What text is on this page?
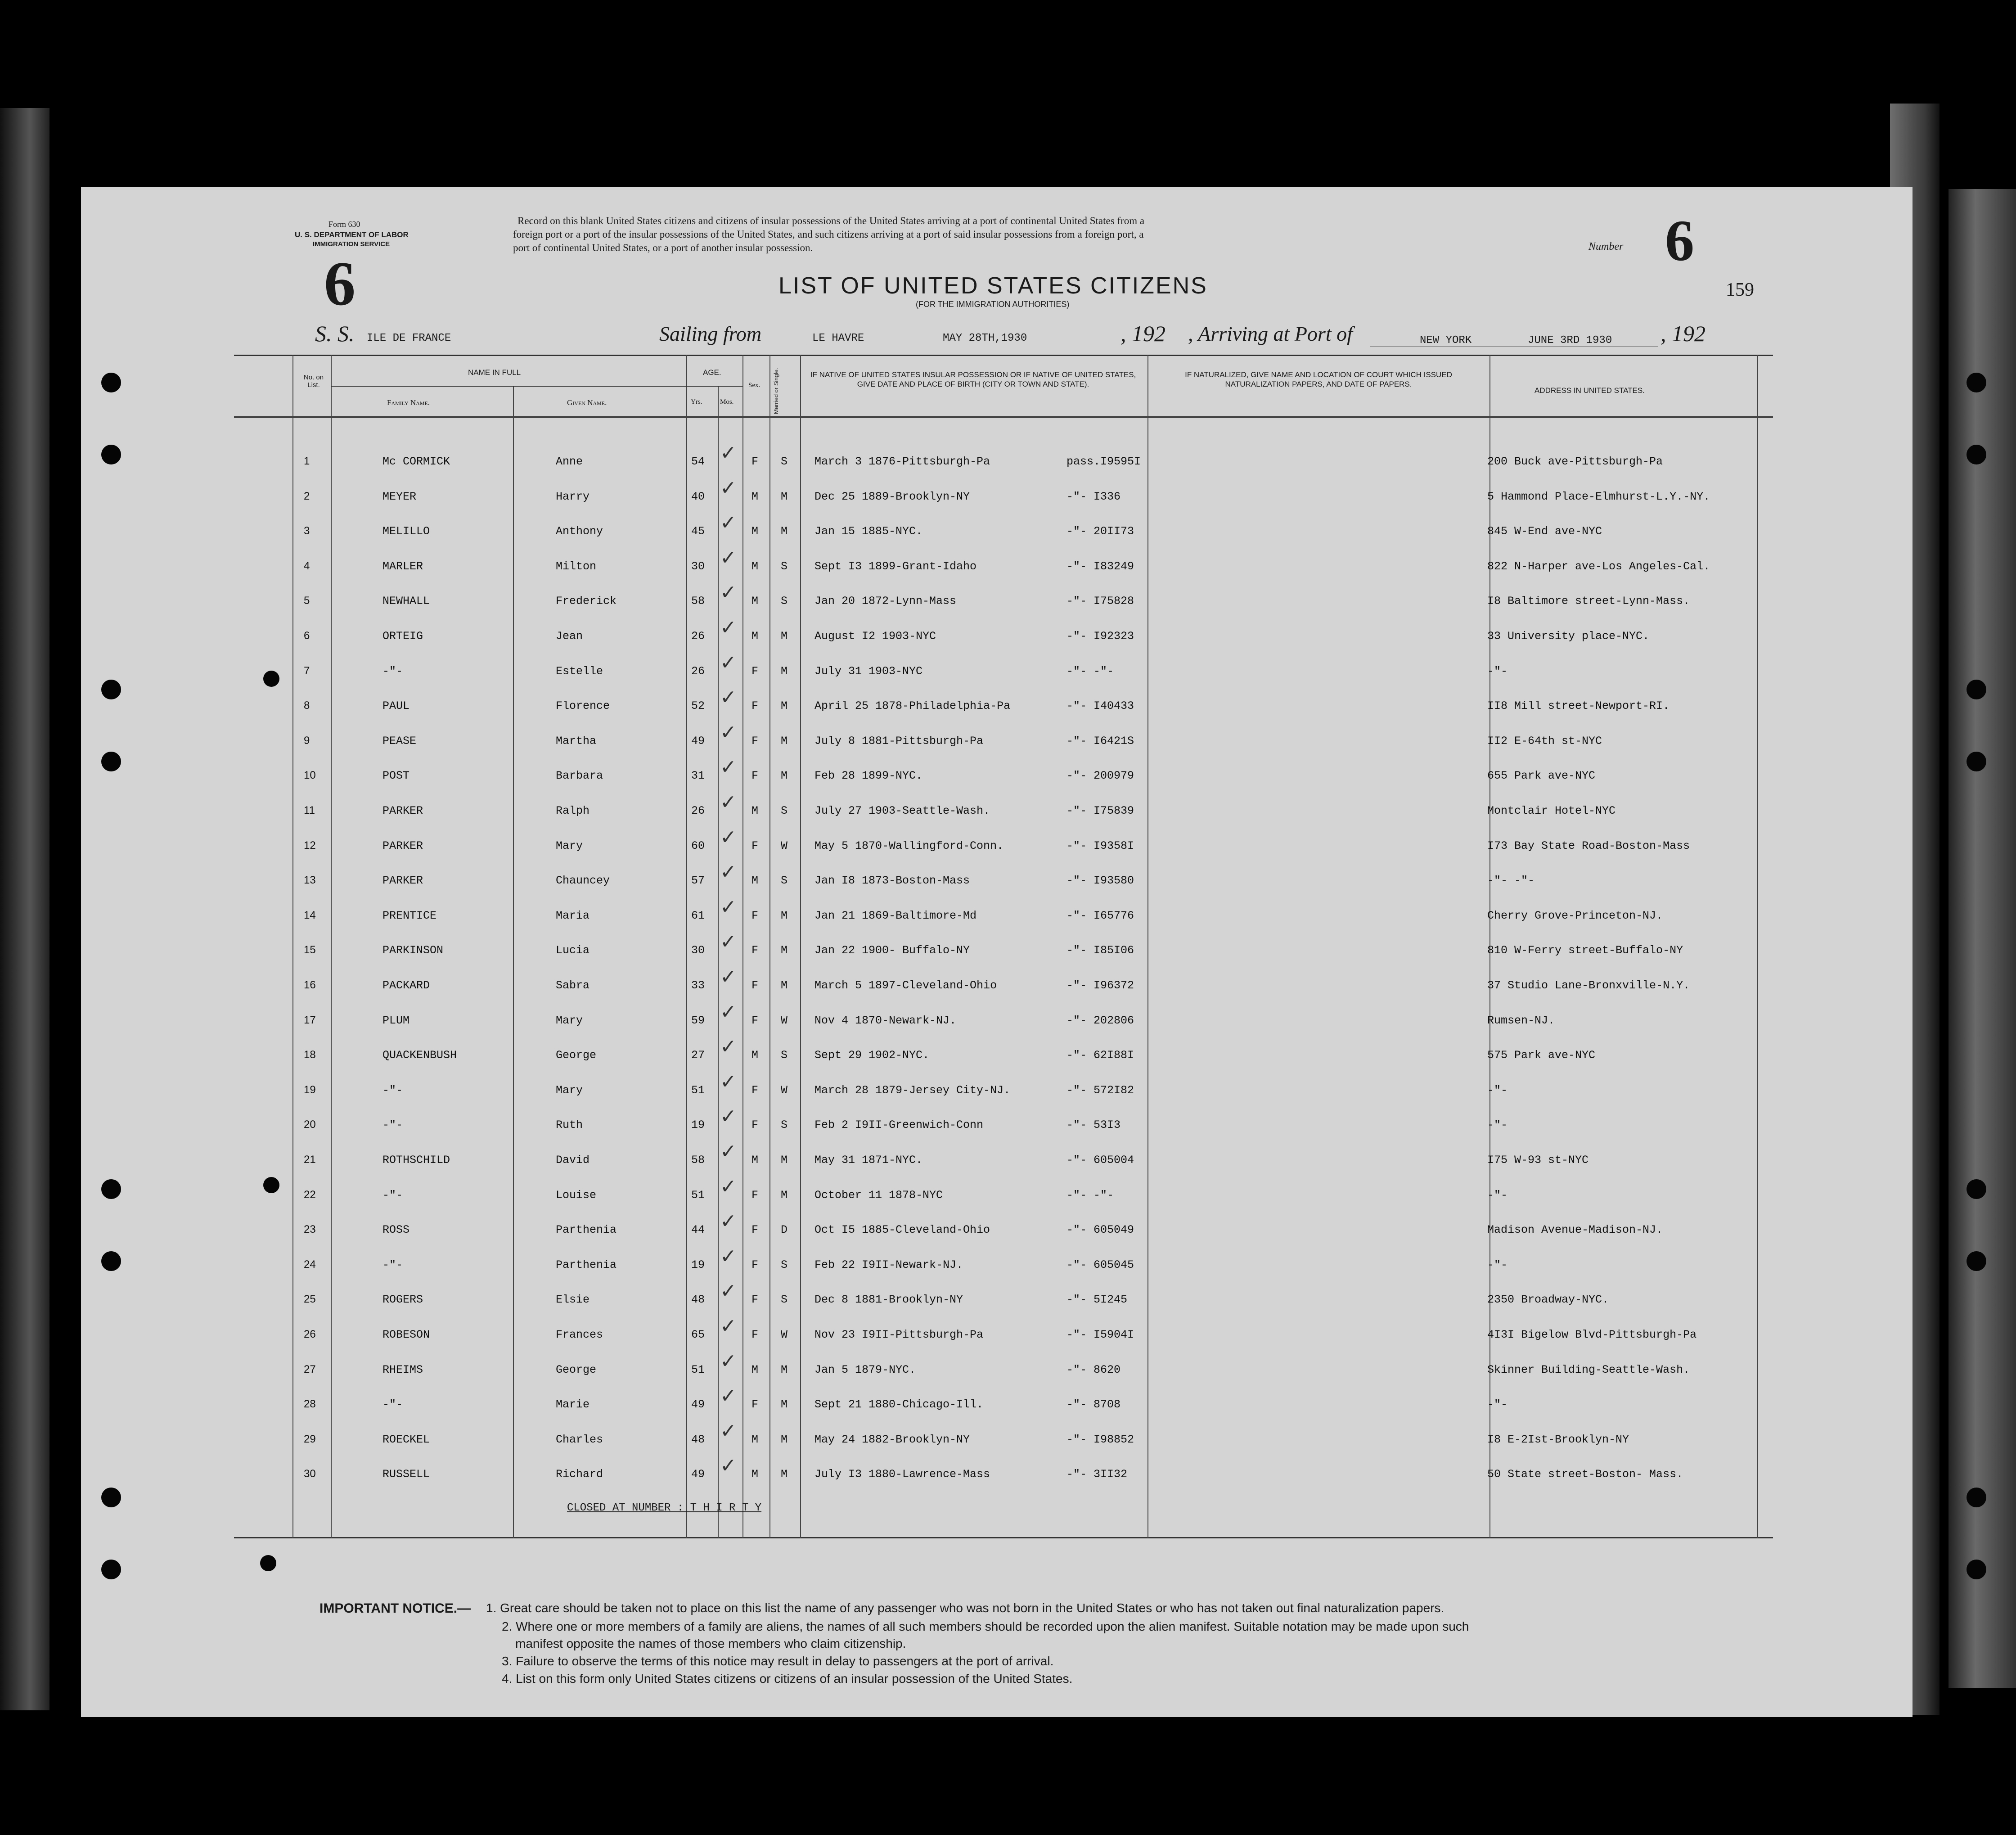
Form 630
U. S. DEPARTMENT OF LABOR
IMMIGRATION SERVICE
Record on this blank United States citizens and citizens of insular possessions of the United States arriving at a port of continental United States from a
foreign port or a port of the insular possessions of the United States, and such citizens arriving at a port of said insular possessions from a foreign port, a
port of continental United States, or a port of another insular possession.	Number 6
159
6	LIST OF UNITED STATES CITIZENS
(FOR THE IMMIGRATION AUTHORITIES)
S. S. ILE DE FRANCE	Sailing from	LE HAVRE	MAY 28TH,1930	, 192 , Arriving at Port of	NEW YORK	JUNE 3RD 1930 , 192
No. on List.
NAME IN FULL
Family Name.	Given Name.
AGE.
Yrs.	Mos.
Sex. Married or Single.	IF NATIVE OF UNITED STATES INSULAR POSSESSION OR IF NATIVE OF UNITED STATES, GIVE DATE AND PLACE OF BIRTH (CITY OR TOWN AND STATE).
IF NATURALIZED, GIVE NAME AND LOCATION OF COURT WHICH ISSUED NATURALIZATION PAPERS, AND DATE OF PAPERS.
ADDRESS IN UNITED STATES.
1	Mc CORMICK	Anne	54	F S March 3 1876-Pittsburgh-Pa	pass.I9595I	200 Buck ave-Pittsburgh-Pa
✓
2	MEYER	Harry	40	M M Dec 25 1889-Brooklyn-NY	-"- I336	5 Hammond Place-Elmhurst-L.Y.-NY.
✓
3	MELILLO	Anthony	45	M M Jan 15 1885-NYC.	-"- 20II73	845 W-End ave-NYC
✓
4	MARLER	Milton	30	M S Sept I3 1899-Grant-Idaho	-"- I83249	822 N-Harper ave-Los Angeles-Cal.
✓
5	NEWHALL	Frederick	58	M S Jan 20 1872-Lynn-Mass	-"- I75828	I8 Baltimore street-Lynn-Mass.
✓
6	ORTEIG	Jean	26	M M August I2 1903-NYC	-"- I92323	33 University place-NYC.
✓
7	-"-	Estelle	26	F M July 31 1903-NYC	-"- -"-	-"-
✓
8	PAUL	Florence	52	F M April 25 1878-Philadelphia-Pa	-"- I40433	II8 Mill street-Newport-RI.
✓
9	PEASE	Martha	49	F M July 8 1881-Pittsburgh-Pa	-"- I6421S	II2 E-64th st-NYC
✓
10	POST	Barbara	31	F M Feb 28 1899-NYC.	-"- 200979	655 Park ave-NYC
✓
11	PARKER	Ralph	26	M S July 27 1903-Seattle-Wash.	-"- I75839	Montclair Hotel-NYC
✓
12	PARKER	Mary	60	F W May 5 1870-Wallingford-Conn.	-"- I9358I	I73 Bay State Road-Boston-Mass
✓
13	PARKER	Chauncey	57	M S Jan I8 1873-Boston-Mass	-"- I93580	-"- -"-
✓
14	PRENTICE	Maria	61	F M Jan 21 1869-Baltimore-Md	-"- I65776	Cherry Grove-Princeton-NJ.
✓
15	PARKINSON	Lucia	30	F M Jan 22 1900- Buffalo-NY	-"- I85I06	810 W-Ferry street-Buffalo-NY
✓
16	PACKARD	Sabra	33	F M March 5 1897-Cleveland-Ohio	-"- I96372	37 Studio Lane-Bronxville-N.Y.
✓
17	PLUM	Mary	59	F W Nov 4 1870-Newark-NJ.	-"- 202806	Rumsen-NJ.
✓
18	QUACKENBUSH	George	27	M S Sept 29 1902-NYC.	-"- 62I88I	575 Park ave-NYC
✓
19	-"-	Mary	51	F W March 28 1879-Jersey City-NJ.	-"- 572I82	-"-
✓
20	-"-	Ruth	19	F S Feb 2 I9II-Greenwich-Conn	-"- 53I3	-"-
✓
21	ROTHSCHILD	David	58	M M May 31 1871-NYC.	-"- 605004	I75 W-93 st-NYC
✓
22	-"-	Louise	51	F M October 11 1878-NYC	-"- -"-	-"-
✓
23	ROSS	Parthenia	44	F D Oct I5 1885-Cleveland-Ohio	-"- 605049	Madison Avenue-Madison-NJ.
✓
24	-"-	Parthenia	19	F S Feb 22 I9II-Newark-NJ.	-"- 605045	-"-
✓
25	ROGERS	Elsie	48	F S Dec 8 1881-Brooklyn-NY	-"- 5I245	2350 Broadway-NYC.
✓
26	ROBESON	Frances	65	F W Nov 23 I9II-Pittsburgh-Pa	-"- I5904I	4I3I Bigelow Blvd-Pittsburgh-Pa
✓
27	RHEIMS	George	51	M M Jan 5 1879-NYC.	-"- 8620	Skinner Building-Seattle-Wash.
✓
28	-"-	Marie	49	F M Sept 21 1880-Chicago-Ill.	-"- 8708	-"-
✓
29	ROECKEL	Charles	48	M M May 24 1882-Brooklyn-NY	-"- I98852	I8 E-2Ist-Brooklyn-NY
✓
30	RUSSELL	Richard	49	M M July I3 1880-Lawrence-Mass	-"- 3II32	50 State street-Boston- Mass.
✓
CLOSED AT NUMBER : T H I R T Y
IMPORTANT NOTICE.— 1. Great care should be taken not to place on this list the name of any passenger who was not born in the United States or who has not taken out final naturalization papers.
2. Where one or more members of a family are aliens, the names of all such members should be recorded upon the alien manifest. Suitable notation may be made upon such
manifest opposite the names of those members who claim citizenship.
3. Failure to observe the terms of this notice may result in delay to passengers at the port of arrival.
4. List on this form only United States citizens or citizens of an insular possession of the United States.
